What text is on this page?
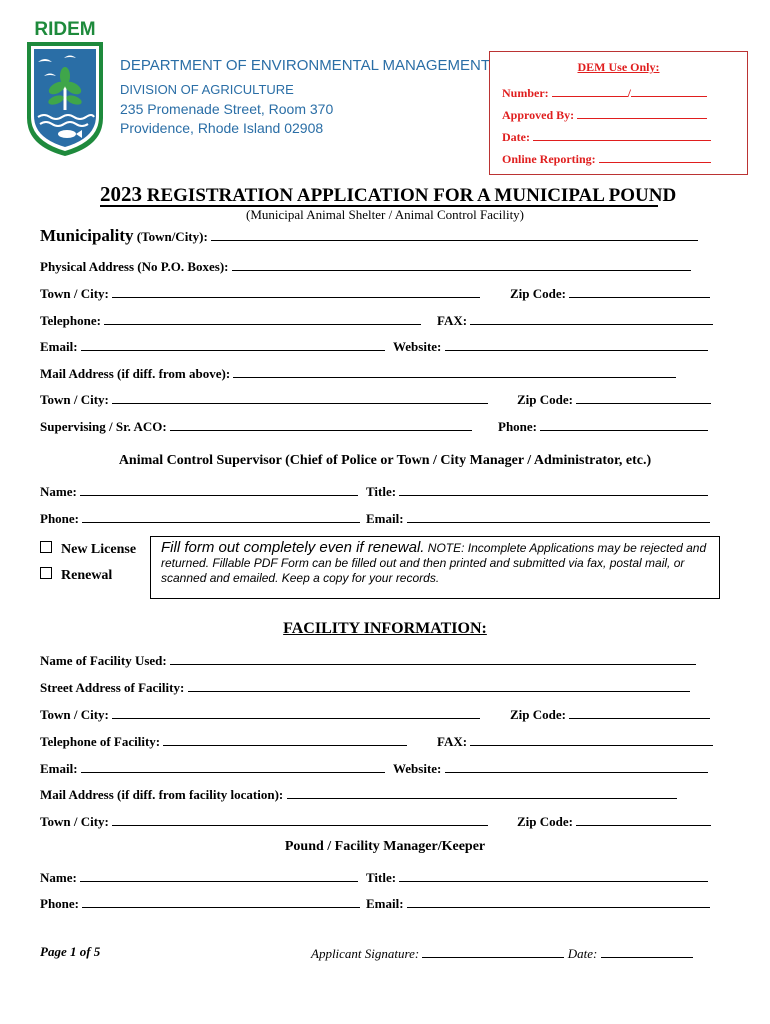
RIDEM
DEPARTMENT OF ENVIRONMENTAL MANAGEMENT
DIVISION OF AGRICULTURE
235 Promenade Street, Room 370
Providence, Rhode Island 02908
DEM Use Only:
Number:	/
Approved By:
Date:
Online Reporting:
2023 REGISTRATION APPLICATION FOR A MUNICIPAL POUND
(Municipal Animal Shelter / Animal Control Facility)
Municipality (Town/City):
Physical Address (No P.O. Boxes):
Town / City:	Zip Code:
Telephone:	FAX:
Email:	Website:
Mail Address (if diff. from above):
Town / City:	Zip Code:
Supervising / Sr. ACO:	Phone:
Animal Control Supervisor (Chief of Police or Town / City Manager / Administrator, etc.)
Name:	Title:
Phone:	Email:
New License
Renewal
Fill form out completely even if renewal. NOTE: Incomplete Applications may be rejected and returned. Fillable PDF Form can be filled out and then printed and submitted via fax, postal mail, or scanned and emailed. Keep a copy for your records.
FACILITY INFORMATION:
Name of Facility Used:
Street Address of Facility:
Town / City:	Zip Code:
Telephone of Facility:	FAX:
Email:	Website:
Mail Address (if diff. from facility location):
Town / City:	Zip Code:
Pound / Facility Manager/Keeper
Name:	Title:
Phone:	Email:
Page 1 of 5	Applicant Signature:	Date:
